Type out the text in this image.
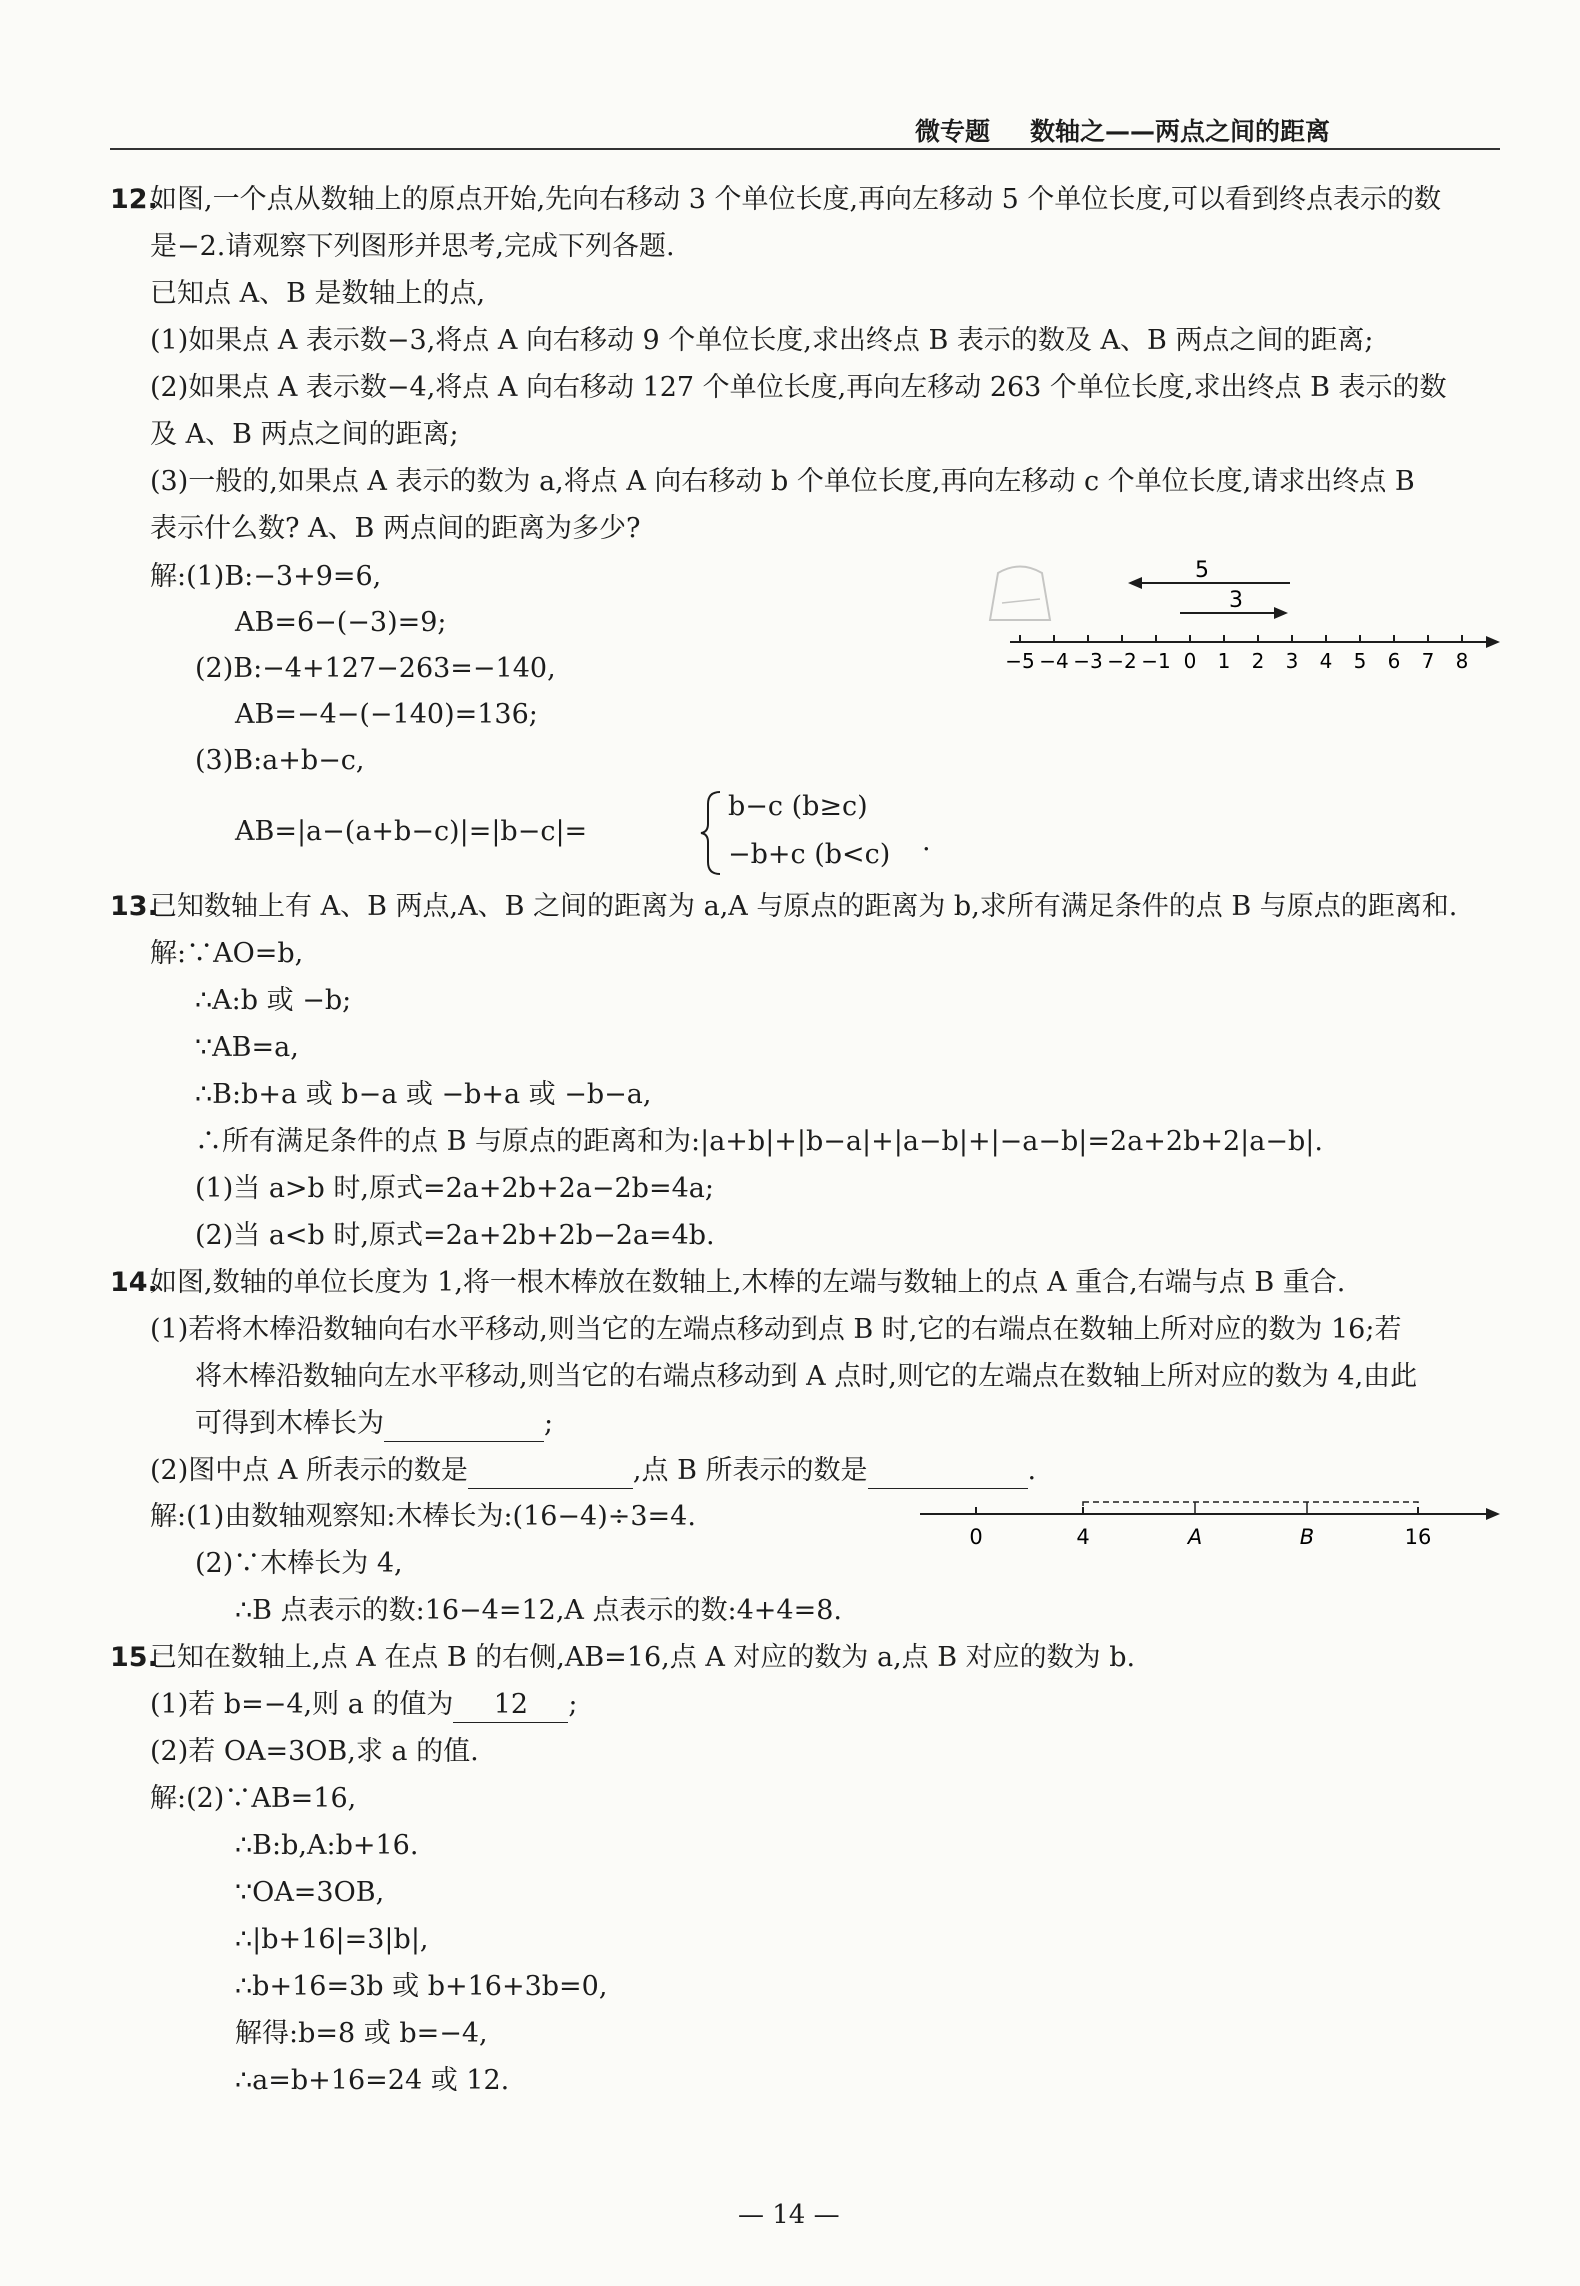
微专题 数轴之——两点之间的距离
12.
如图,一个点从数轴上的原点开始,先向右移动 3 个单位长度,再向左移动 5 个单位长度,可以看到终点表示的数
是−2.请观察下列图形并思考,完成下列各题.
已知点 A、B 是数轴上的点,
(1)如果点 A 表示数−3,将点 A 向右移动 9 个单位长度,求出终点 B 表示的数及 A、B 两点之间的距离;
(2)如果点 A 表示数−4,将点 A 向右移动 127 个单位长度,再向左移动 263 个单位长度,求出终点 B 表示的数
及 A、B 两点之间的距离;
(3)一般的,如果点 A 表示的数为 a,将点 A 向右移动 b 个单位长度,再向左移动 c 个单位长度,请求出终点 B
表示什么数? A、B 两点间的距离为多少?
解:(1)B:−3+9=6,
AB=6−(−3)=9;
(2)B:−4+127−263=−140,
AB=−4−(−140)=136;
(3)B:a+b−c,
AB=|a−(a+b−c)|=|b−c|=
b−c (b≥c)
−b+c (b<c) .
−5 −4 −3 −2 −1 0 1 2 3 4 5 6 7 8
5
3
13.
已知数轴上有 A、B 两点,A、B 之间的距离为 a,A 与原点的距离为 b,求所有满足条件的点 B 与原点的距离和.
解:∵AO=b,
∴A:b 或 −b;
∵AB=a,
∴B:b+a 或 b−a 或 −b+a 或 −b−a,
∴所有满足条件的点 B 与原点的距离和为:|a+b|+|b−a|+|a−b|+|−a−b|=2a+2b+2|a−b|.
(1)当 a>b 时,原式=2a+2b+2a−2b=4a;
(2)当 a<b 时,原式=2a+2b+2b−2a=4b.
14.
如图,数轴的单位长度为 1,将一根木棒放在数轴上,木棒的左端与数轴上的点 A 重合,右端与点 B 重合.
(1)若将木棒沿数轴向右水平移动,则当它的左端点移动到点 B 时,它的右端点在数轴上所对应的数为 16;若
将木棒沿数轴向左水平移动,则当它的右端点移动到 A 点时,则它的左端点在数轴上所对应的数为 4,由此
可得到木棒长为	;
(2)图中点 A 所表示的数是	,点 B 所表示的数是	.
解:(1)由数轴观察知:木棒长为:(16−4)÷3=4.
(2)∵木棒长为 4,
∴B 点表示的数:16−4=12,A 点表示的数:4+4=8.
0	4	A	B	16
15.
已知在数轴上,点 A 在点 B 的右侧,AB=16,点 A 对应的数为 a,点 B 对应的数为 b.
(1)若 b=−4,则 a 的值为 12 ;
(2)若 OA=3OB,求 a 的值.
解:(2)∵AB=16,
∴B:b,A:b+16.
∵OA=3OB,
∴|b+16|=3|b|,
∴b+16=3b 或 b+16+3b=0,
解得:b=8 或 b=−4,
∴a=b+16=24 或 12.
— 14 —
